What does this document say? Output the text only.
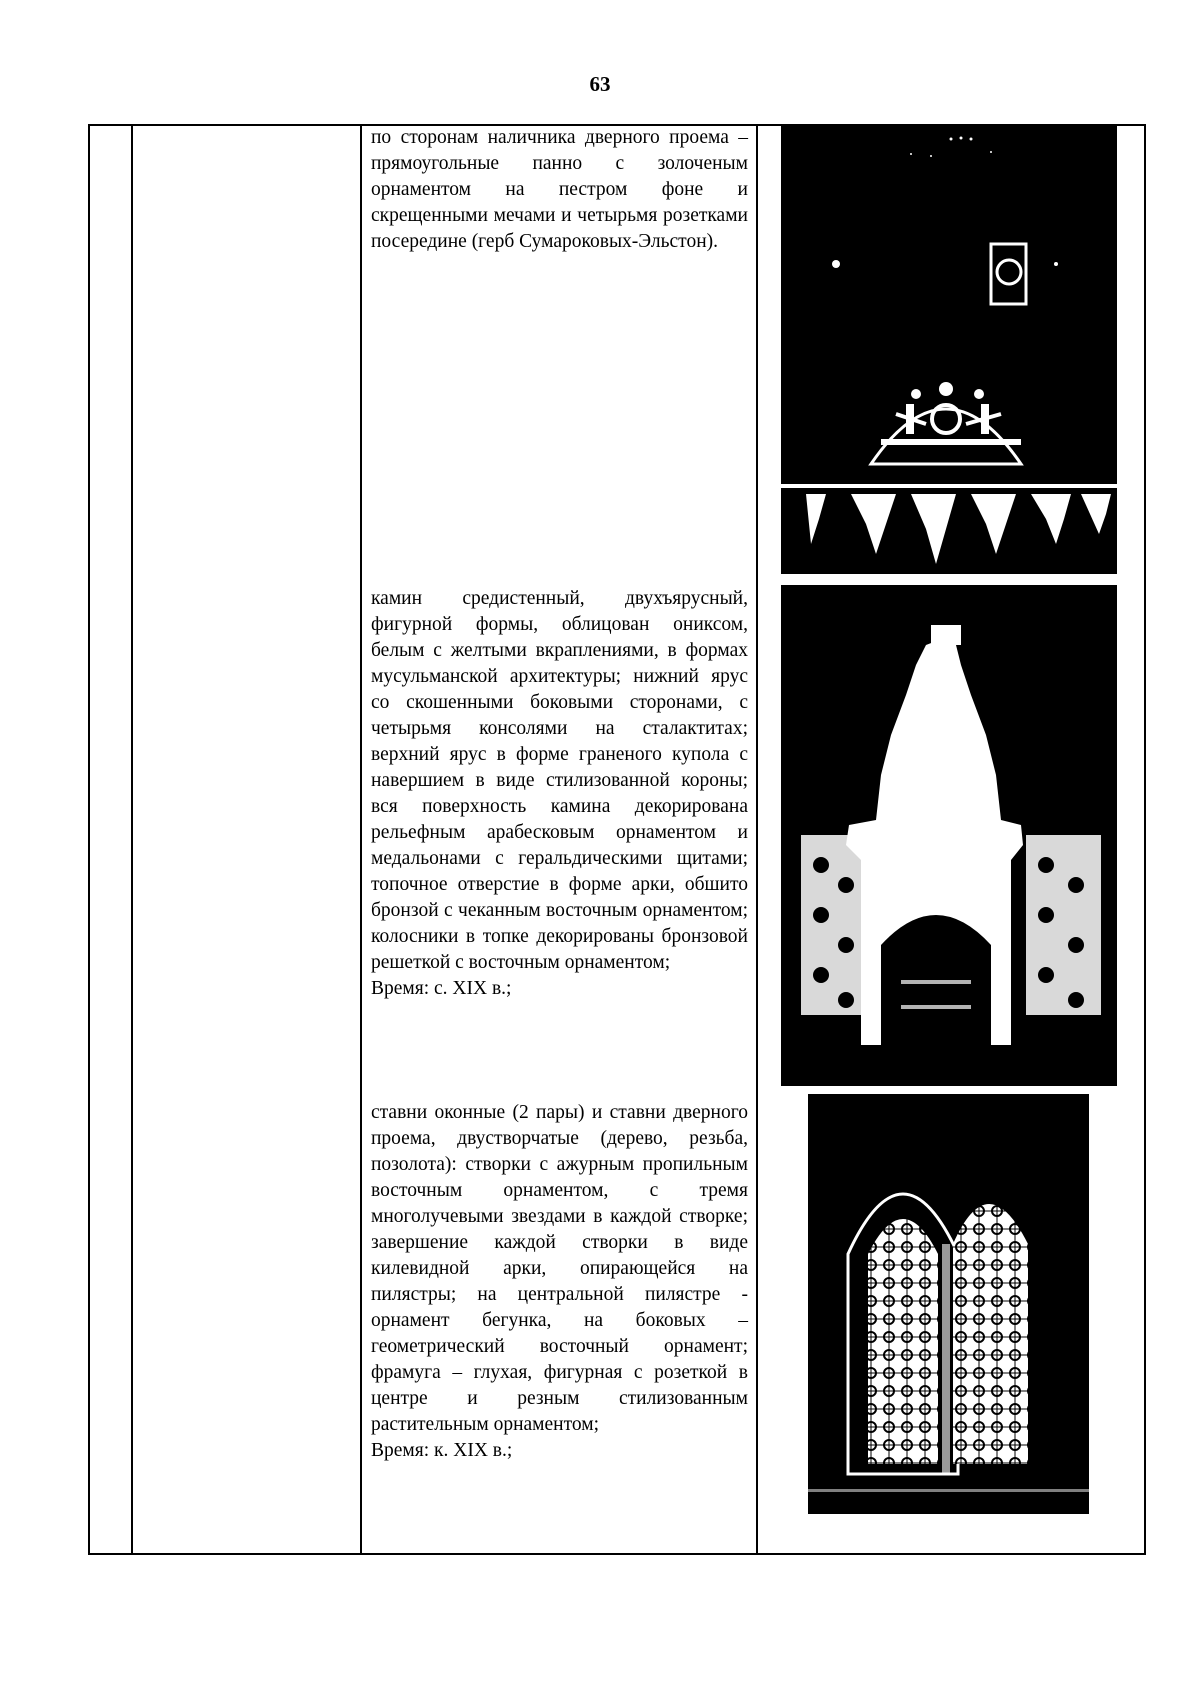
63
по сторонам наличника дверного проема – прямоугольные панно с золоченым орнаментом на пестром фоне и скрещенными мечами и четырьмя розетками посередине (герб Сумароковых-Эльстон).
камин средистенный, двухъярусный, фигурной формы, облицован ониксом, белым с желтыми вкраплениями, в формах мусульманской архитектуры; нижний ярус со скошенными боковыми сторонами, с четырьмя консолями на сталактитах; верхний ярус в форме граненого купола с навершием в виде стилизованной короны; вся поверхность камина декорирована рельефным арабесковым орнаментом и медальонами с геральдическими щитами; топочное отверстие в форме арки, обшито бронзой с чеканным восточным орнаментом; колосники в топке декорированы бронзовой решеткой с восточным орнаментом;
Время: с. XIX в.;
ставни оконные (2 пары) и ставни дверного проема, двустворчатые (дерево, резьба, позолота): створки с ажурным пропильным восточным орнаментом, с тремя многолучевыми звездами в каждой створке; завершение каждой створки в виде килевидной арки, опирающейся на пилястры; на центральной пилястре - орнамент бегунка, на боковых – геометрический восточный орнамент; фрамуга – глухая, фигурная с розеткой в центре и резным стилизованным растительным орнаментом;
Время: к. XIX в.;
